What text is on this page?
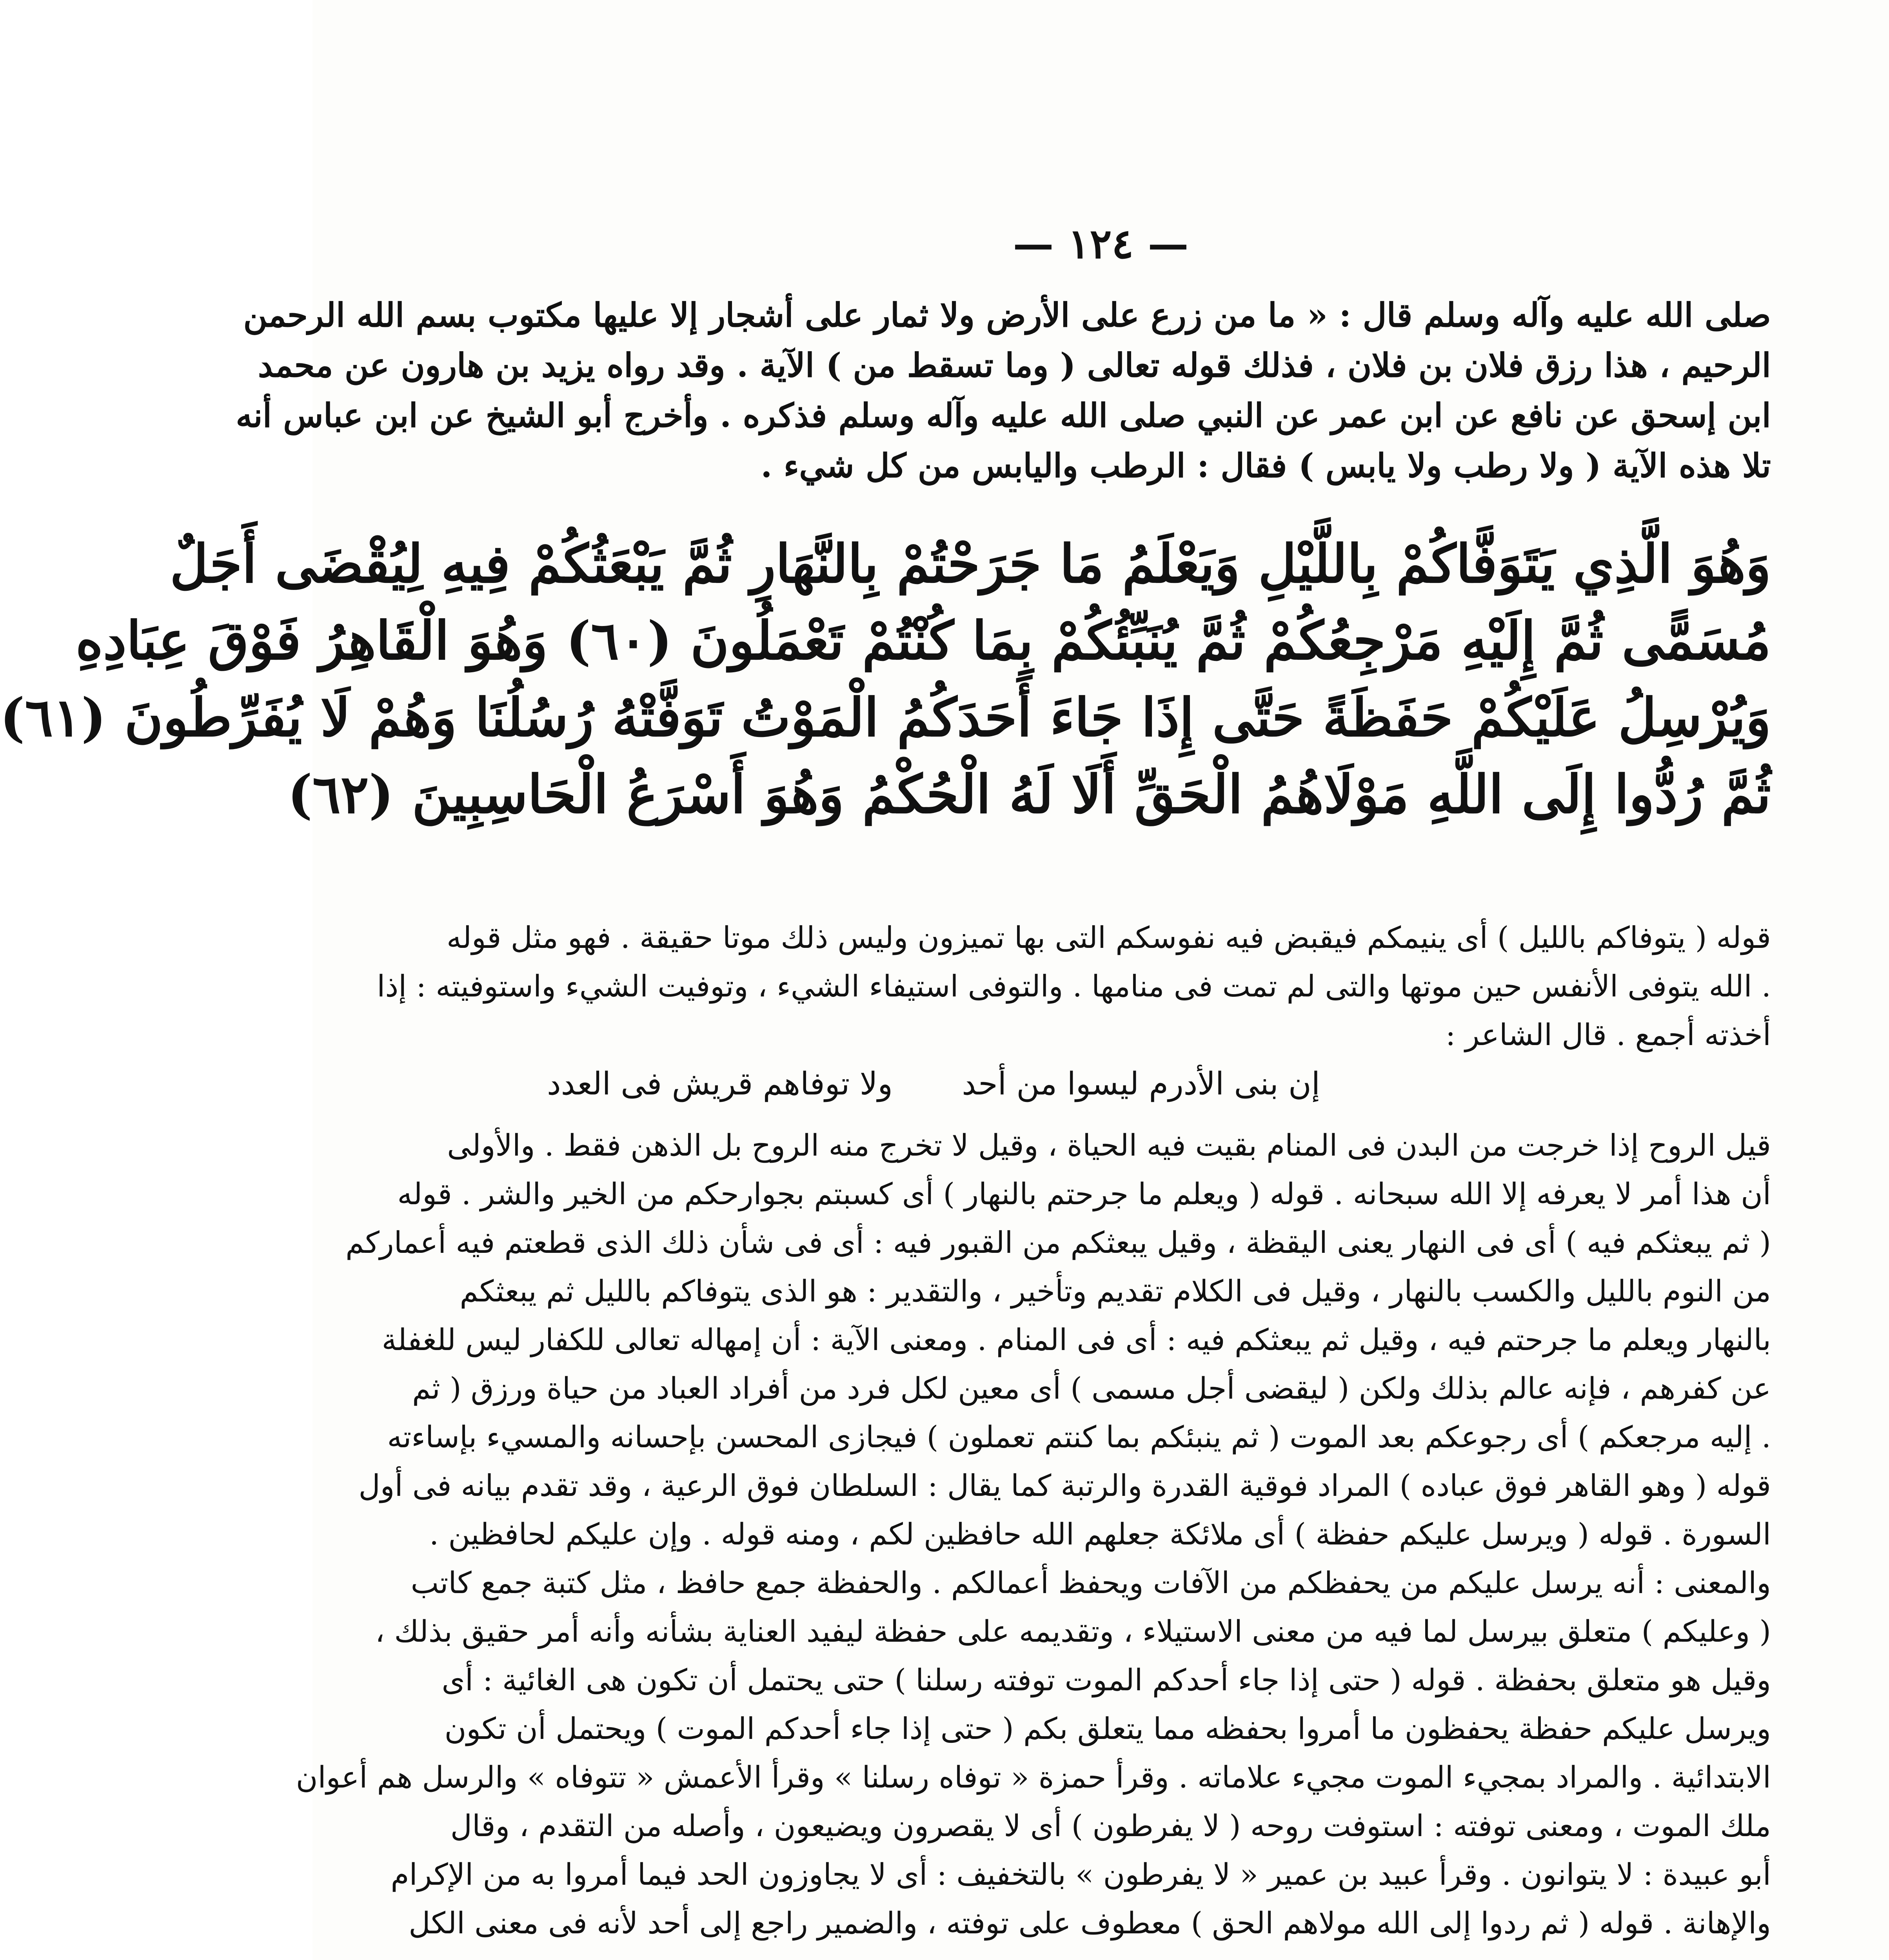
— ١٢٤ —
صلى الله عليه وآله وسلم قال : « ما من زرع على الأرض ولا ثمار على أشجار إلا عليها مكتوب بسم الله الرحمن
الرحيم ، هذا رزق فلان بن فلان ، فذلك قوله تعالى ( وما تسقط من ) الآية . وقد رواه يزيد بن هارون عن محمد
ابن إسحق عن نافع عن ابن عمر عن النبي صلى الله عليه وآله وسلم فذكره . وأخرج أبو الشيخ عن ابن عباس أنه
تلا هذه الآية ( ولا رطب ولا يابس ) فقال : الرطب واليابس من كل شيء .
وَهُوَ الَّذِي يَتَوَفَّاكُمْ بِاللَّيْلِ وَيَعْلَمُ مَا جَرَحْتُمْ بِالنَّهَارِ ثُمَّ يَبْعَثُكُمْ فِيهِ لِيُقْضَى أَجَلٌ
مُسَمًّى ثُمَّ إِلَيْهِ مَرْجِعُكُمْ ثُمَّ يُنَبِّئُكُمْ بِمَا كُنْتُمْ تَعْمَلُونَ (٦٠) وَهُوَ الْقَاهِرُ فَوْقَ عِبَادِهِ
وَيُرْسِلُ عَلَيْكُمْ حَفَظَةً حَتَّى إِذَا جَاءَ أَحَدَكُمُ الْمَوْتُ تَوَفَّتْهُ رُسُلُنَا وَهُمْ لَا يُفَرِّطُونَ (٦١)
ثُمَّ رُدُّوا إِلَى اللَّهِ مَوْلَاهُمُ الْحَقِّ أَلَا لَهُ الْحُكْمُ وَهُوَ أَسْرَعُ الْحَاسِبِينَ (٦٢)
قوله ( يتوفاكم بالليل ) أى ينيمكم فيقبض فيه نفوسكم التى بها تميزون وليس ذلك موتا حقيقة . فهو مثل قوله
. الله يتوفى الأنفس حين موتها والتى لم تمت فى منامها . والتوفى استيفاء الشيء ، وتوفيت الشيء واستوفيته : إذا
أخذته أجمع . قال الشاعر :
إن بنى الأدرم ليسوا من أحد
ولا توفاهم قريش فى العدد
قيل الروح إذا خرجت من البدن فى المنام بقيت فيه الحياة ، وقيل لا تخرج منه الروح بل الذهن فقط . والأولى
أن هذا أمر لا يعرفه إلا الله سبحانه . قوله ( ويعلم ما جرحتم بالنهار ) أى كسبتم بجوارحكم من الخير والشر . قوله
( ثم يبعثكم فيه ) أى فى النهار يعنى اليقظة ، وقيل يبعثكم من القبور فيه : أى فى شأن ذلك الذى قطعتم فيه أعماركم
من النوم بالليل والكسب بالنهار ، وقيل فى الكلام تقديم وتأخير ، والتقدير : هو الذى يتوفاكم بالليل ثم يبعثكم
بالنهار ويعلم ما جرحتم فيه ، وقيل ثم يبعثكم فيه : أى فى المنام . ومعنى الآية : أن إمهاله تعالى للكفار ليس للغفلة
عن كفرهم ، فإنه عالم بذلك ولكن ( ليقضى أجل مسمى ) أى معين لكل فرد من أفراد العباد من حياة ورزق ( ثم
. إليه مرجعكم ) أى رجوعكم بعد الموت ( ثم ينبئكم بما كنتم تعملون ) فيجازى المحسن بإحسانه والمسيء بإساءته
قوله ( وهو القاهر فوق عباده ) المراد فوقية القدرة والرتبة كما يقال : السلطان فوق الرعية ، وقد تقدم بيانه فى أول
السورة . قوله ( ويرسل عليكم حفظة ) أى ملائكة جعلهم الله حافظين لكم ، ومنه قوله . وإن عليكم لحافظين .
والمعنى : أنه يرسل عليكم من يحفظكم من الآفات ويحفظ أعمالكم . والحفظة جمع حافظ ، مثل كتبة جمع كاتب
( وعليكم ) متعلق بيرسل لما فيه من معنى الاستيلاء ، وتقديمه على حفظة ليفيد العناية بشأنه وأنه أمر حقيق بذلك ،
وقيل هو متعلق بحفظة . قوله ( حتى إذا جاء أحدكم الموت توفته رسلنا ) حتى يحتمل أن تكون هى الغائية : أى
ويرسل عليكم حفظة يحفظون ما أمروا بحفظه مما يتعلق بكم ( حتى إذا جاء أحدكم الموت ) ويحتمل أن تكون
الابتدائية . والمراد بمجيء الموت مجيء علاماته . وقرأ حمزة « توفاه رسلنا » وقرأ الأعمش « تتوفاه » والرسل هم أعوان
ملك الموت ، ومعنى توفته : استوفت روحه ( لا يفرطون ) أى لا يقصرون ويضيعون ، وأصله من التقدم ، وقال
أبو عبيدة : لا يتوانون . وقرأ عبيد بن عمير « لا يفرطون » بالتخفيف : أى لا يجاوزون الحد فيما أمروا به من الإكرام
والإهانة . قوله ( ثم ردوا إلى الله مولاهم الحق ) معطوف على توفته ، والضمير راجع إلى أحد لأنه فى معنى الكل
